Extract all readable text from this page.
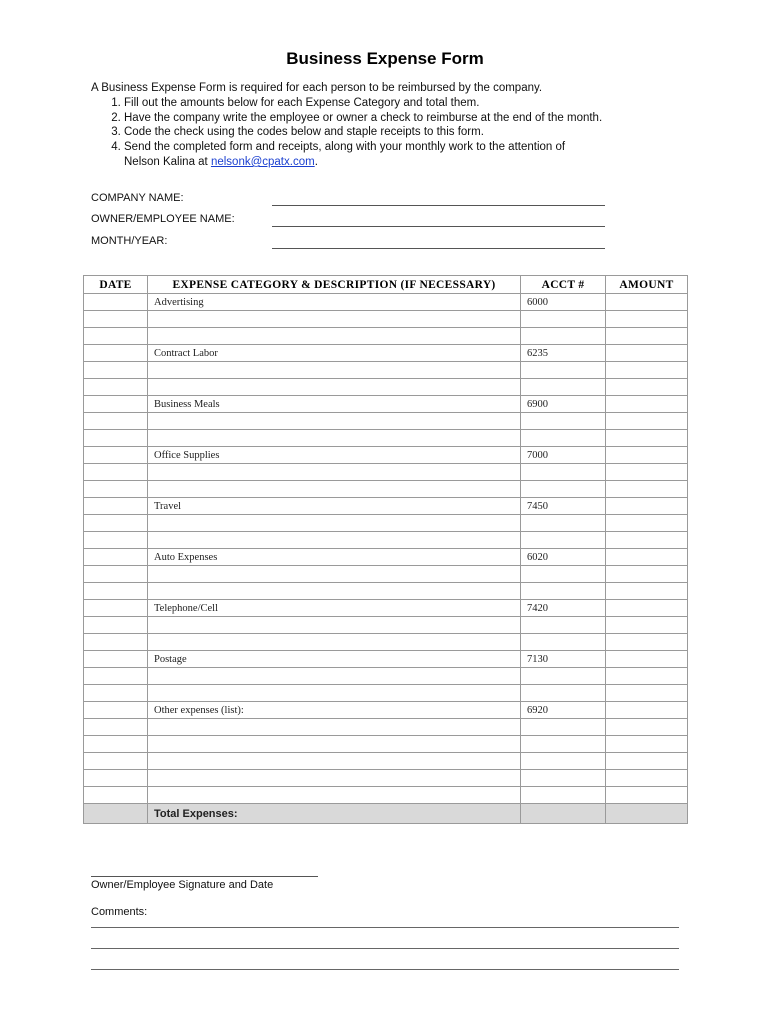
Business Expense Form
A Business Expense Form is required for each person to be reimbursed by the company.
1. Fill out the amounts below for each Expense Category and total them.
2. Have the company write the employee or owner a check to reimburse at the end of the month.
3. Code the check using the codes below and staple receipts to this form.
4. Send the completed form and receipts, along with your monthly work to the attention of
Nelson Kalina at nelsonk@cpatx.com.
COMPANY NAME:
OWNER/EMPLOYEE NAME:
MONTH/YEAR:
DATE	EXPENSE CATEGORY & DESCRIPTION (IF NECESSARY)	ACCT #	AMOUNT
	Advertising	6000	

	Contract Labor	6235	

	Business Meals	6900	

	Office Supplies	7000	

	Travel	7450	

	Auto Expenses	6020	

	Telephone/Cell	7420	

	Postage	7130	

	Other expenses (list):	6920	

	Total Expenses:		
Owner/Employee Signature and Date
Comments:
